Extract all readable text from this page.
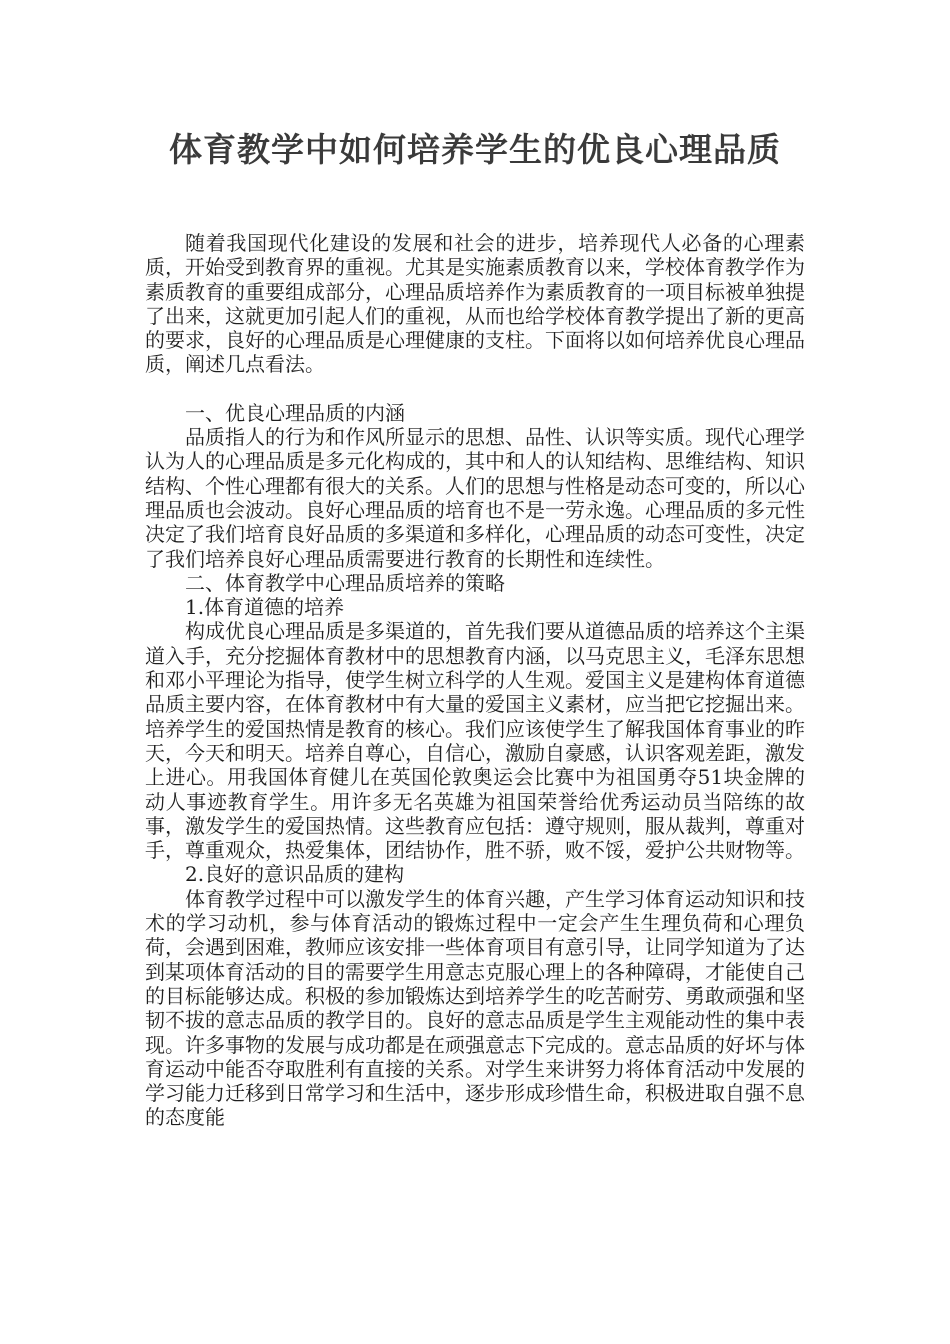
体育教学中如何培养学生的优良心理品质

随着我国现代化建设的发展和社会的进步，培养现代人必备的心理素质，开始受到教育界的重视。尤其是实施素质教育以来，学校体育教学作为素质教育的重要组成部分，心理品质培养作为素质教育的一项目标被单独提了出来，这就更加引起人们的重视，从而也给学校体育教学提出了新的更高的要求，良好的心理品质是心理健康的支柱。下面将以如何培养优良心理品质，阐述几点看法。

一、优良心理品质的内涵

品质指人的行为和作风所显示的思想、品性、认识等实质。现代心理学认为人的心理品质是多元化构成的，其中和人的认知结构、思维结构、知识结构、个性心理都有很大的关系。人们的思想与性格是动态可变的，所以心理品质也会波动。良好心理品质的培育也不是一劳永逸。心理品质的多元性决定了我们培育良好品质的多渠道和多样化，心理品质的动态可变性，决定了我们培养良好心理品质需要进行教育的长期性和连续性。

二、体育教学中心理品质培养的策略

1.体育道德的培养

构成优良心理品质是多渠道的，首先我们要从道德品质的培养这个主渠道入手，充分挖掘体育教材中的思想教育内涵，以马克思主义，毛泽东思想和邓小平理论为指导，使学生树立科学的人生观。爱国主义是建构体育道德品质主要内容，在体育教材中有大量的爱国主义素材，应当把它挖掘出来。培养学生的爱国热情是教育的核心。我们应该使学生了解我国体育事业的昨天，今天和明天。培养自尊心，自信心，激励自豪感，认识客观差距，激发上进心。用我国体育健儿在英国伦敦奥运会比赛中为祖国勇夺51块金牌的动人事迹教育学生。用许多无名英雄为祖国荣誉给优秀运动员当陪练的故事，激发学生的爱国热情。这些教育应包括：遵守规则，服从裁判，尊重对手，尊重观众，热爱集体，团结协作，胜不骄，败不馁，爱护公共财物等。

2.良好的意识品质的建构

体育教学过程中可以激发学生的体育兴趣，产生学习体育运动知识和技术的学习动机，参与体育活动的锻炼过程中一定会产生生理负荷和心理负荷，会遇到困难，教师应该安排一些体育项目有意引导，让同学知道为了达到某项体育活动的目的需要学生用意志克服心理上的各种障碍，才能使自己的目标能够达成。积极的参加锻炼达到培养学生的吃苦耐劳、勇敢顽强和坚韧不拔的意志品质的教学目的。良好的意志品质是学生主观能动性的集中表现。许多事物的发展与成功都是在顽强意志下完成的。意志品质的好坏与体育运动中能否夺取胜利有直接的关系。对学生来讲努力将体育活动中发展的学习能力迁移到日常学习和生活中，逐步形成珍惜生命，积极进取自强不息的态度能
